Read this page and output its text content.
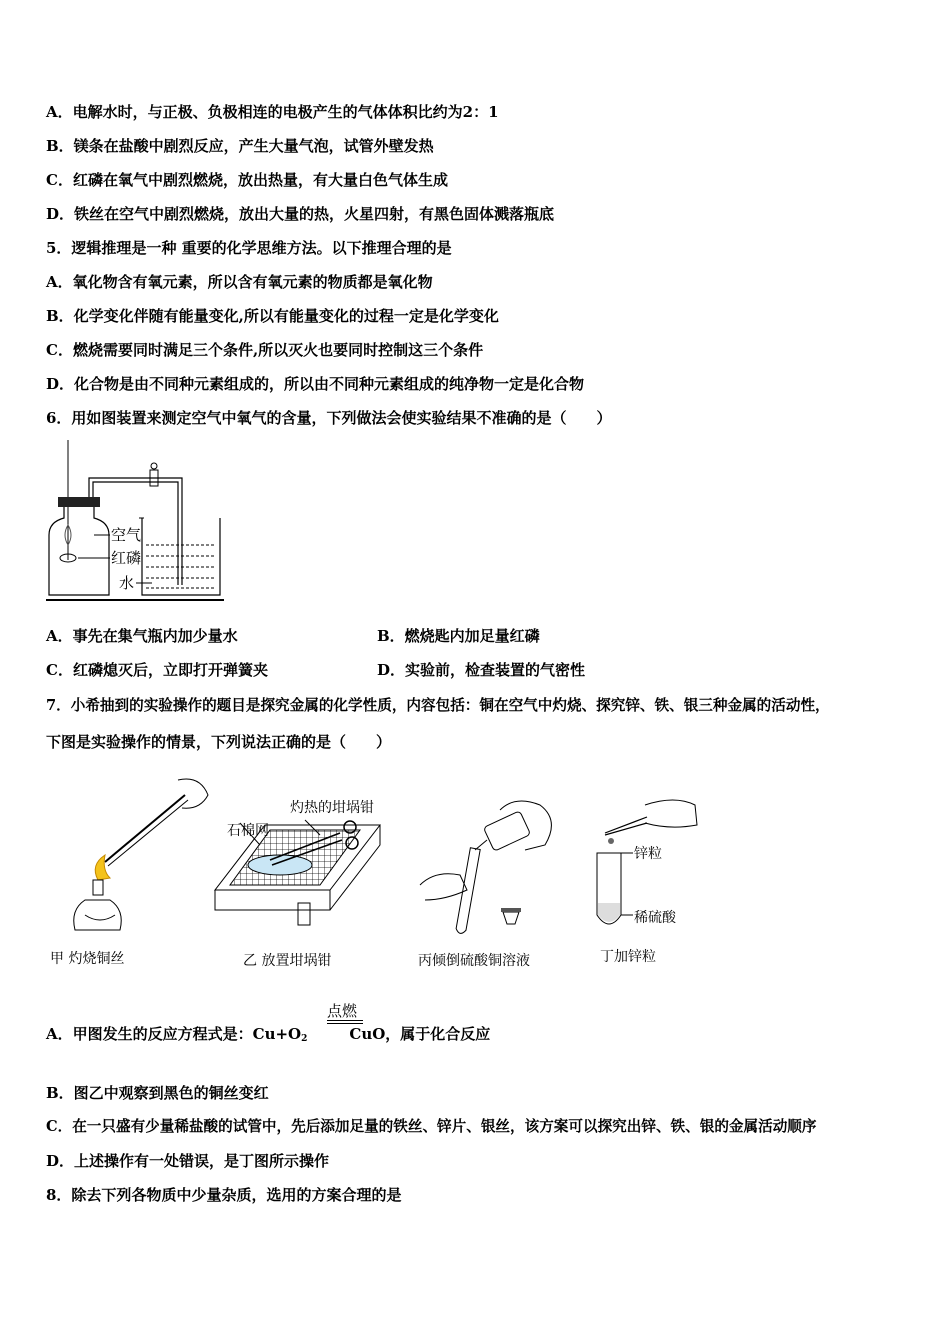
A．电解水时，与正极、负极相连的电极产生的气体体积比约为2：1
B．镁条在盐酸中剧烈反应，产生大量气泡，试管外壁发热
C．红磷在氧气中剧烈燃烧，放出热量，有大量白色气体生成
D．铁丝在空气中剧烈燃烧，放出大量的热，火星四射，有黑色固体溅落瓶底
5．逻辑推理是一种 重要的化学思维方法。以下推理合理的是
A．氧化物含有氧元素，所以含有氧元素的物质都是氧化物
B．化学变化伴随有能量变化,所以有能量变化的过程一定是化学变化
C．燃烧需要同时满足三个条件,所以灭火也要同时控制这三个条件
D．化合物是由不同种元素组成的，所以由不同种元素组成的纯净物一定是化合物
6．用如图装置来测定空气中氧气的含量，下列做法会使实验结果不准确的是（　　）
空气
红磷
水
A．事先在集气瓶内加少量水	B．燃烧匙内加足量红磷
C．红磷熄灭后，立即打开弹簧夹	D．实验前，检查装置的气密性
7．小希抽到的实验操作的题目是探究金属的化学性质，内容包括：铜在空气中灼烧、探究锌、铁、银三种金属的活动性，
下图是实验操作的情景，下列说法正确的是（　　）
甲 灼烧铜丝
石棉网
灼热的坩埚钳
乙 放置坩埚钳	丙倾倒硫酸铜溶液
锌粒
稀硫酸
丁加锌粒
A．甲图发生的反应方程式是：$Cu+O_2$	CuO，属于化合反应
点燃
B．图乙中观察到黑色的铜丝变红
C．在一只盛有少量稀盐酸的试管中，先后添加足量的铁丝、锌片、银丝，该方案可以探究出锌、铁、银的金属活动顺序
D．上述操作有一处错误，是丁图所示操作
8．除去下列各物质中少量杂质，选用的方案合理的是
